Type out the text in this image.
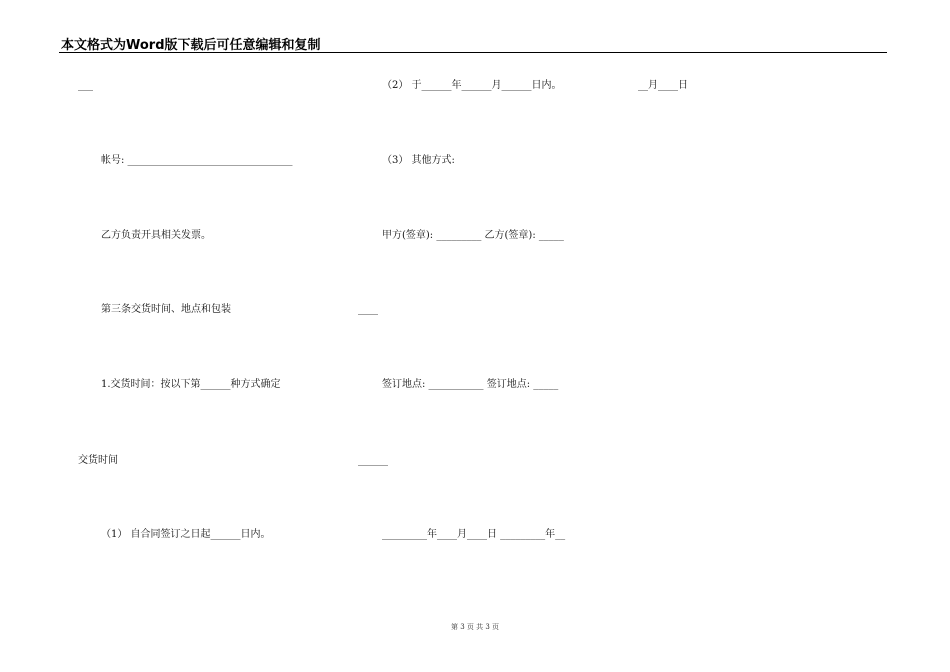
本文格式为Word版下载后可任意编辑和复制
___
帐号: _________________________________
乙方负责开具相关发票。
第三条交货时间、地点和包装
1.交货时间：按以下第______种方式确定
交货时间
（1） 自合同签订之日起______日内。
（2） 于______年______月______日内。	__月____日
（3） 其他方式:
甲方(签章): _________ 乙方(签章): _____
____
签订地点: ___________ 签订地点: _____
______
_________年____月____日 _________年__
第 3 页 共 3 页
